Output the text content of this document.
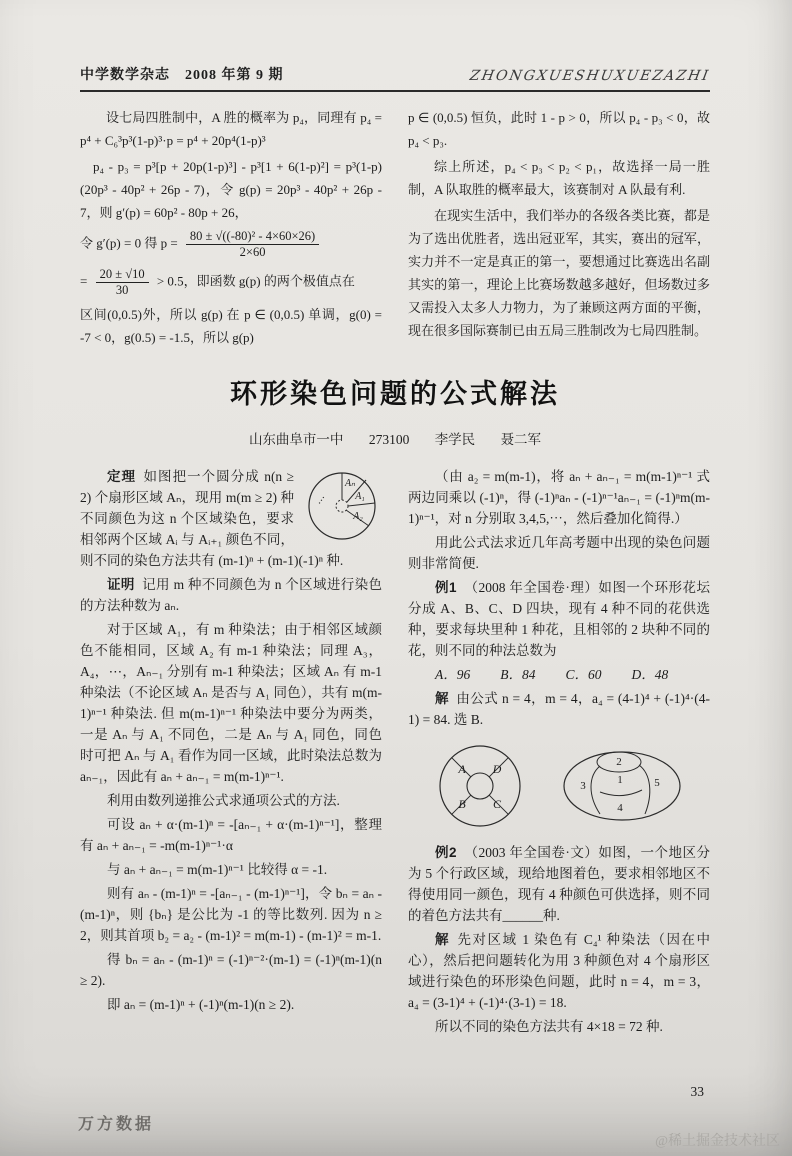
中学数学杂志　2008 年第 9 期	ZHONGXUESHUXUEZAZHI

设七局四胜制中，A 胜的概率为 p₄，同理有 p₄ = p⁴ + C₆³p³(1-p)³·p = p⁴ + 20p⁴(1-p)³

p₄ - p₃ = p³[p + 20p(1-p)³] - p³[1 + 6(1-p)²] = p³(1-p)(20p³ - 40p² + 26p - 7)，令 g(p) = 20p³ - 40p² + 26p - 7，则 g′(p) = 60p² - 80p + 26，

令 g′(p) = 0 得 $p = \frac{\text{80 ± √((-80)² - 4×60×26)}}{2\times 60}$

= $\frac{20 \pm √10}{30} > 0.5$，即函数 g(p) 的两个极值点在

区间(0,0.5)外，所以 g(p) 在 p ∈ (0,0.5) 单调，g(0) = -7 < 0，g(0.5) = -1.5，所以 g(p)

p ∈ (0,0.5) 恒负，此时 1 - p > 0，所以 p₄ - p₃ < 0，故 p₄ < p₃.

综上所述，p₄ < p₃ < p₂ < p₁，故选择一局一胜制，A 队取胜的概率最大，该赛制对 A 队最有利.

在现实生活中，我们举办的各级各类比赛，都是为了选出优胜者，选出冠亚军，其实，赛出的冠军，实力并不一定是真正的第一，要想通过比赛选出名副其实的第一，理论上比赛场数越多越好，但场数过多又需投入太多人力物力，为了兼顾这两方面的平衡，现在很多国际赛制已由五局三胜制改为七局四胜制。

环形染色问题的公式解法
山东曲阜市一中 273100 李学民 聂二军

Aₙ
A₁
A₂
⋯
定理 如图把一个圆分成 n(n ≥ 2) 个扇形区域 Aₙ，现用 m(m ≥ 2) 种不同颜色为这 n 个区域染色，要求相邻两个区域 Aᵢ 与 Aᵢ₊₁ 颜色不同，则不同的染色方法共有 (m-1)ⁿ + (m-1)(-1)ⁿ 种.

证明 记用 m 种不同颜色为 n 个区域进行染色的方法种数为 aₙ.

对于区域 A₁，有 m 种染法；由于相邻区域颜色不能相同，区域 A₂ 有 m-1 种染法；同理 A₃，A₄，⋯，Aₙ₋₁ 分别有 m-1 种染法；区域 Aₙ 有 m-1 种染法（不论区域 Aₙ 是否与 A₁ 同色），共有 m(m-1)ⁿ⁻¹ 种染法. 但 m(m-1)ⁿ⁻¹ 种染法中要分为两类，一是 Aₙ 与 A₁ 不同色，二是 Aₙ 与 A₁ 同色，同色时可把 Aₙ 与 A₁ 看作为同一区域，此时染法总数为 aₙ₋₁，因此有 aₙ + aₙ₋₁ = m(m-1)ⁿ⁻¹.

利用由数列递推公式求通项公式的方法.

可设 aₙ + α·(m-1)ⁿ = -[aₙ₋₁ + α·(m-1)ⁿ⁻¹]，整理有 aₙ + aₙ₋₁ = -m(m-1)ⁿ⁻¹·α

与 aₙ + aₙ₋₁ = m(m-1)ⁿ⁻¹ 比较得 α = -1.

则有 aₙ - (m-1)ⁿ = -[aₙ₋₁ - (m-1)ⁿ⁻¹]，令 bₙ = aₙ - (m-1)ⁿ，则 {bₙ} 是公比为 -1 的等比数列. 因为 n ≥ 2，则其首项 b₂ = a₂ - (m-1)² = m(m-1) - (m-1)² = m-1.

得 bₙ = aₙ - (m-1)ⁿ = (-1)ⁿ⁻²·(m-1) = (-1)ⁿ(m-1)(n ≥ 2).

即 aₙ = (m-1)ⁿ + (-1)ⁿ(m-1)(n ≥ 2).

（由 a₂ = m(m-1)，将 aₙ + aₙ₋₁ = m(m-1)ⁿ⁻¹ 式两边同乘以 (-1)ⁿ，得 (-1)ⁿaₙ - (-1)ⁿ⁻¹aₙ₋₁ = (-1)ⁿm(m-1)ⁿ⁻¹，对 n 分别取 3,4,5,⋯，然后叠加化简得.）

用此公式法求近几年高考题中出现的染色问题则非常简便.

例1 （2008 年全国卷·理）如图一个环形花坛分成 A、B、C、D 四块，现有 4 种不同的花供选种，要求每块里种 1 种花，且相邻的 2 块种不同的花，则不同的种法总数为

A．96 B．84 C．60 D．48

解 由公式 n = 4，m = 4，a₄ = (4-1)⁴ + (-1)⁴·(4-1) = 84. 选 B.

A D
B C
2
3	1	5
4

例2 （2003 年全国卷·文）如图，一个地区分为 5 个行政区域，现给地图着色，要求相邻地区不得使用同一颜色，现有 4 种颜色可供选择，则不同的着色方法共有______种.

解 先对区域 1 染色有 C₄¹ 种染法（因在中心），然后把问题转化为用 3 种颜色对 4 个扇形区域进行染色的环形染色问题，此时 n = 4，m = 3，a₄ = (3-1)⁴ + (-1)⁴·(3-1) = 18.

所以不同的染色方法共有 4×18 = 72 种.

33
万方数据
@稀土掘金技术社区
